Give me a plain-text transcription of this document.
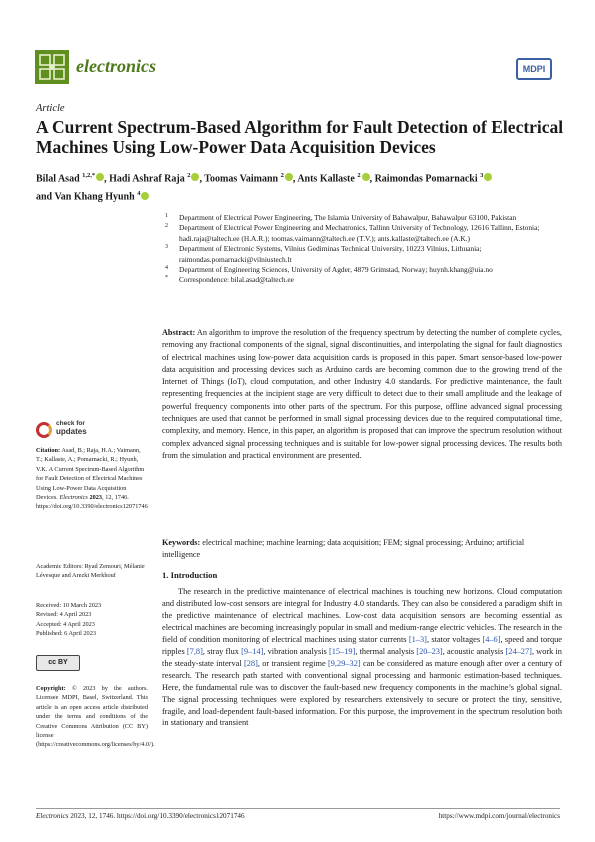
electronics	MDPI
Article
A Current Spectrum-Based Algorithm for Fault Detection of Electrical Machines Using Low-Power Data Acquisition Devices
Bilal Asad $^{1,2,*}$ , Hadi Ashraf Raja $^2$ , Toomas Vaimann $^2$ , Ants Kallaste $^2$ , Raimondas Pomarnacki $^3$
and Van Khang Hyunh $^4$
1 Department of Electrical Power Engineering, The Islamia University of Bahawalpur, Bahawalpur 63100, Pakistan
2 Department of Electrical Power Engineering and Mechatronics, Tallinn University of Technology, 12616 Tallinn, Estonia; hadi.raja@taltech.ee (H.A.R.); toomas.vaimann@taltech.ee (T.V.); ants.kallaste@taltech.ee (A.K.)
3 Department of Electronic Systems, Vilnius Gediminas Technical University, 10223 Vilnius, Lithuania; raimondas.pomarnacki@vilniustech.lt
4 Department of Engineering Sciences, University of Agder, 4879 Grimstad, Norway; huynh.khang@uia.no
* Correspondence: bilal.asad@taltech.ee
Abstract: An algorithm to improve the resolution of the frequency spectrum by detecting the number of complete cycles, removing any fractional components of the signal, signal discontinuities, and interpolating the signal for fault diagnostics of electrical machines using low-power data acquisition cards is proposed in this paper. Smart sensor-based low-power data acquisition and processing devices such as Arduino cards are becoming common due to the growing trend of the Internet of Things (IoT), cloud computation, and other Industry 4.0 standards. For predictive maintenance, the fault representing frequencies at the incipient stage are very difficult to detect due to their small amplitude and the leakage of powerful frequency components into other parts of the spectrum. For this purpose, offline advanced signal processing techniques are used that cannot be performed in small signal processing devices due to the required computational time, complexity, and memory. Hence, in this paper, an algorithm is proposed that can improve the spectrum resolution without complex advanced signal processing techniques and is suitable for low-power signal processing devices. The results both from the simulation and practical environment are presented.
Keywords: electrical machine; machine learning; data acquisition; FEM; signal processing; Arduino; artificial intelligence
check for
updates
Citation: Asad, B.; Raja, H.A.; Vaimann, T.; Kallaste, A.; Pomarnacki, R.; Hyunh, V.K. A Current Spectrum-Based Algorithm for Fault Detection of Electrical Machines Using Low-Power Data Acquisition Devices. Electronics 2023, 12, 1746. https://doi.org/10.3390/electronics12071746
Academic Editors: Ryad Zemouri, Mélanie Lévesque and Arezki Merkhouf
Received: 10 March 2023
Revised: 4 April 2023
Accepted: 4 April 2023
Published: 6 April 2023
cc BY
Copyright: © 2023 by the authors. Licensee MDPI, Basel, Switzerland. This article is an open access article distributed under the terms and conditions of the Creative Commons Attribution (CC BY) license (https://creativecommons.org/licenses/by/4.0/).
1. Introduction

The research in the predictive maintenance of electrical machines is touching new horizons. Cloud computation and distributed low-cost sensors are integral for Industry 4.0 standards. They can also be considered a paradigm shift in the predictive maintenance of electrical machines. Low-cost data acquisition sensors are becoming essential as electrical machines are becoming increasingly popular in small and medium-range electric vehicles. The research in the field of condition monitoring of electrical machines using stator currents [1–3], stator voltages [4–6], speed and torque ripples [7,8], stray flux [9–14], vibration analysis [15–19], thermal analysis [20–23], acoustic analysis [24–27], work in the steady-state interval [28], or transient regime [9,29–32] can be considered as mature enough after over a century of research. The research path started with conventional signal processing and harmonic estimation-based techniques. Here, the fundamental rule was to discover the fault-based new frequency components in the machine’s global signal. The signal processing techniques were explored by researchers extensively to secure or protect the tiny, sensitive, fragile, and load-dependent fault-based information. For this purpose, the improvement in the spectrum resolution both in stationary and transient

Electronics 2023, 12, 1746. https://doi.org/10.3390/electronics12071746	https://www.mdpi.com/journal/electronics
